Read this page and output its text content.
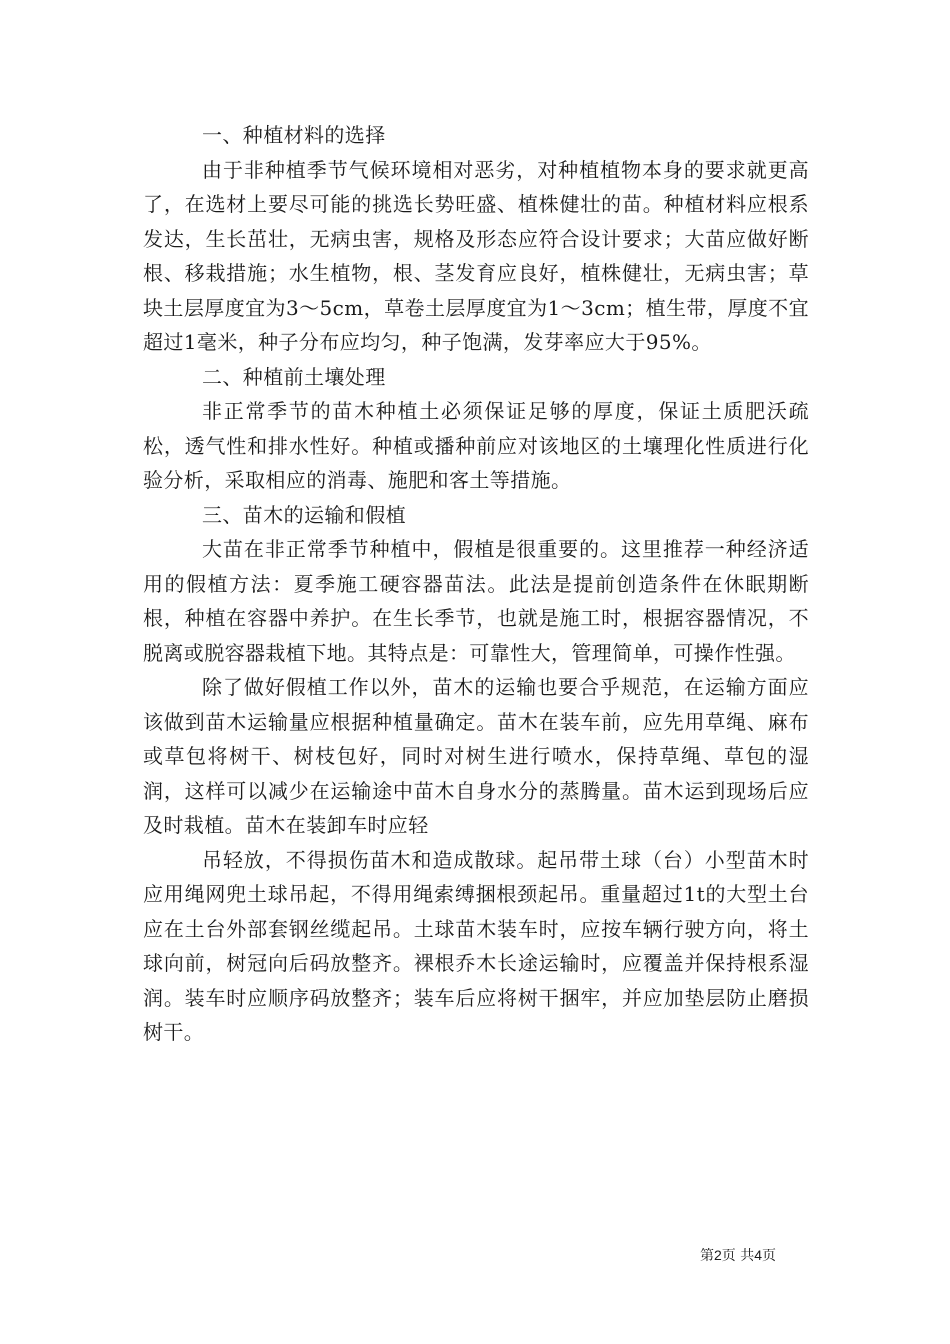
一、种植材料的选择

由于非种植季节气候环境相对恶劣，对种植植物本身的要求就更高了，在选材上要尽可能的挑选长势旺盛、植株健壮的苗。种植材料应根系发达，生长茁壮，无病虫害，规格及形态应符合设计要求；大苗应做好断根、移栽措施；水生植物，根、茎发育应良好，植株健壮，无病虫害；草块土层厚度宜为3～5cm，草卷土层厚度宜为1～3cm；植生带，厚度不宜超过1毫米，种子分布应均匀，种子饱满，发芽率应大于95%。

二、种植前土壤处理

非正常季节的苗木种植土必须保证足够的厚度，保证土质肥沃疏松，透气性和排水性好。种植或播种前应对该地区的土壤理化性质进行化验分析，采取相应的消毒、施肥和客土等措施。

三、苗木的运输和假植

大苗在非正常季节种植中，假植是很重要的。这里推荐一种经济适用的假植方法：夏季施工硬容器苗法。此法是提前创造条件在休眠期断根，种植在容器中养护。在生长季节，也就是施工时，根据容器情况，不脱离或脱容器栽植下地。其特点是：可靠性大，管理简单，可操作性强。

除了做好假植工作以外，苗木的运输也要合乎规范，在运输方面应该做到苗木运输量应根据种植量确定。苗木在装车前，应先用草绳、麻布或草包将树干、树枝包好，同时对树生进行喷水，保持草绳、草包的湿润，这样可以减少在运输途中苗木自身水分的蒸腾量。苗木运到现场后应及时栽植。苗木在装卸车时应轻

吊轻放，不得损伤苗木和造成散球。起吊带土球（台）小型苗木时应用绳网兜土球吊起，不得用绳索缚捆根颈起吊。重量超过1t的大型土台应在土台外部套钢丝缆起吊。土球苗木装车时，应按车辆行驶方向，将土球向前，树冠向后码放整齐。裸根乔木长途运输时，应覆盖并保持根系湿润。装车时应顺序码放整齐；装车后应将树干捆牢，并应加垫层防止磨损树干。

第2页 共4页
